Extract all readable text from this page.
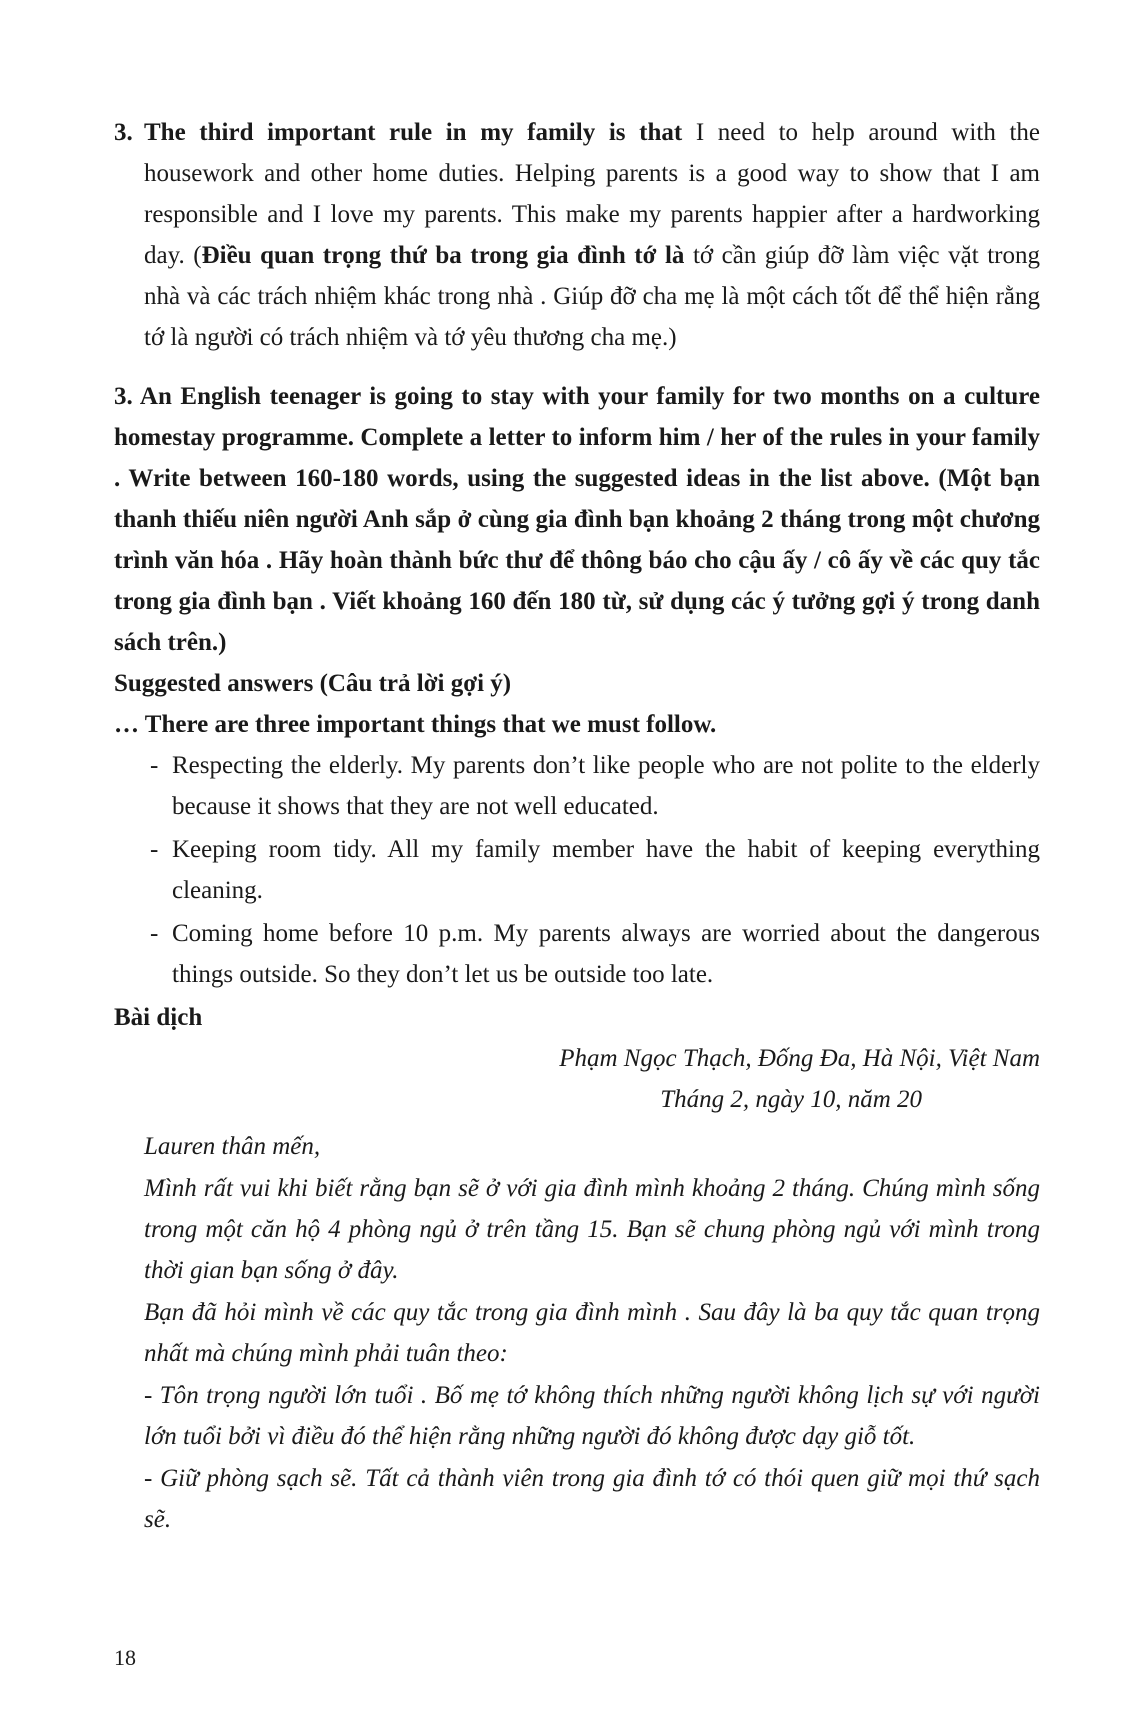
3. The third important rule in my family is that I need to help around with the housework and other home duties. Helping parents is a good way to show that I am responsible and I love my parents. This make my parents happier after a hardworking day. (Điều quan trọng thứ ba trong gia đình tớ là tớ cần giúp đỡ làm việc vặt trong nhà và các trách nhiệm khác trong nhà . Giúp đỡ cha mẹ là một cách tốt để thể hiện rằng tớ là người có trách nhiệm và tớ yêu thương cha mẹ.)

3. An English teenager is going to stay with your family for two months on a culture homestay programme. Complete a letter to inform him / her of the rules in your family . Write between 160-180 words, using the suggested ideas in the list above. (Một bạn thanh thiếu niên người Anh sắp ở cùng gia đình bạn khoảng 2 tháng trong một chương trình văn hóa . Hãy hoàn thành bức thư để thông báo cho cậu ấy / cô ấy về các quy tắc trong gia đình bạn . Viết khoảng 160 đến 180 từ, sử dụng các ý tưởng gợi ý trong danh sách trên.)

Suggested answers (Câu trả lời gợi ý)

… There are three important things that we must follow.

- Respecting the elderly. My parents don’t like people who are not polite to the elderly because it shows that they are not well educated.
- Keeping room tidy. All my family member have the habit of keeping everything cleaning.
- Coming home before 10 p.m. My parents always are worried about the dangerous things outside. So they don’t let us be outside too late.
Bài dịch
Phạm Ngọc Thạch, Đống Đa, Hà Nội, Việt Nam
Tháng 2, ngày 10, năm 20

Lauren thân mến,

Mình rất vui khi biết rằng bạn sẽ ở với gia đình mình khoảng 2 tháng. Chúng mình sống trong một căn hộ 4 phòng ngủ ở trên tầng 15. Bạn sẽ chung phòng ngủ với mình trong thời gian bạn sống ở đây.

Bạn đã hỏi mình về các quy tắc trong gia đình mình . Sau đây là ba quy tắc quan trọng nhất mà chúng mình phải tuân theo:

- Tôn trọng người lớn tuổi . Bố mẹ tớ không thích những người không lịch sự với người lớn tuổi bởi vì điều đó thể hiện rằng những người đó không được dạy giỗ tốt.

- Giữ phòng sạch sẽ. Tất cả thành viên trong gia đình tớ có thói quen giữ mọi thứ sạch sẽ.

18
